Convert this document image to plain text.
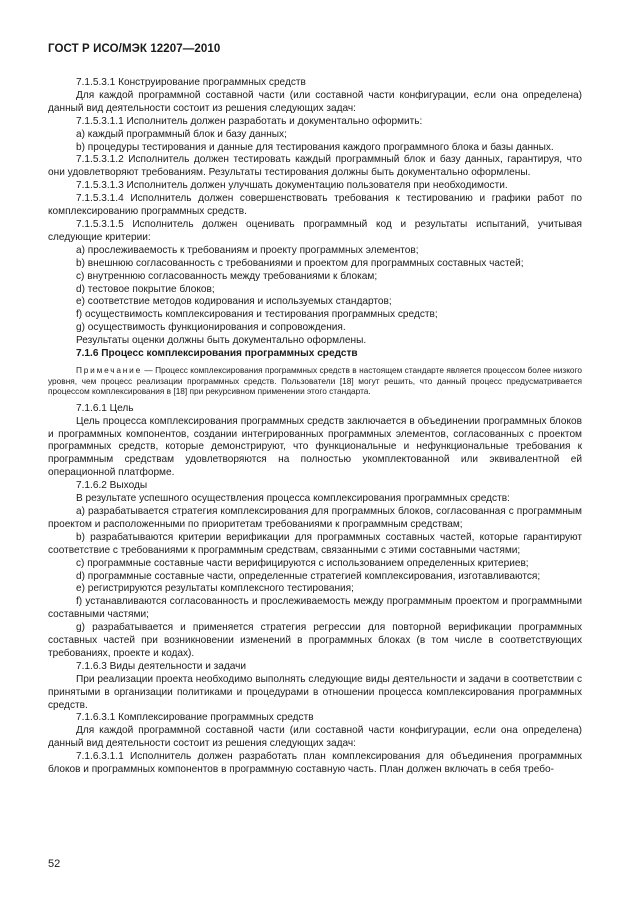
ГОСТ Р ИСО/МЭК 12207—2010

7.1.5.3.1 Конструирование программных средств

Для каждой программной составной части (или составной части конфигурации, если она определена) данный вид деятельности состоит из решения следующих задач:

7.1.5.3.1.1 Исполнитель должен разработать и документально оформить:

a) каждый программный блок и базу данных;

b) процедуры тестирования и данные для тестирования каждого программного блока и базы данных.

7.1.5.3.1.2 Исполнитель должен тестировать каждый программный блок и базу данных, гарантируя, что они удовлетворяют требованиям. Результаты тестирования должны быть документально оформлены.

7.1.5.3.1.3 Исполнитель должен улучшать документацию пользователя при необходимости.

7.1.5.3.1.4 Исполнитель должен совершенствовать требования к тестированию и графики работ по комплексированию программных средств.

7.1.5.3.1.5 Исполнитель должен оценивать программный код и результаты испытаний, учитывая следующие критерии:

a) прослеживаемость к требованиям и проекту программных элементов;

b) внешнюю согласованность с требованиями и проектом для программных составных частей;

c) внутреннюю согласованность между требованиями к блокам;

d) тестовое покрытие блоков;

e) соответствие методов кодирования и используемых стандартов;

f) осуществимость комплексирования и тестирования программных средств;

g) осуществимость функционирования и сопровождения.

Результаты оценки должны быть документально оформлены.

7.1.6 Процесс комплексирования программных средств

Примечание — Процесс комплексирования программных средств в настоящем стандарте является процессом более низкого уровня, чем процесс реализации программных средств. Пользователи [18] могут решить, что данный процесс предусматривается процессом комплексирования в [18] при рекурсивном применении этого стандарта.

7.1.6.1 Цель

Цель процесса комплексирования программных средств заключается в объединении программных блоков и программных компонентов, создании интегрированных программных элементов, согласованных с проектом программных средств, которые демонстрируют, что функциональные и нефункциональные требования к программным средствам удовлетворяются на полностью укомплектованной или эквивалентной ей операционной платформе.

7.1.6.2 Выходы

В результате успешного осуществления процесса комплексирования программных средств:

a) разрабатывается стратегия комплексирования для программных блоков, согласованная с программным проектом и расположенными по приоритетам требованиями к программным средствам;

b) разрабатываются критерии верификации для программных составных частей, которые гарантируют соответствие с требованиями к программным средствам, связанными с этими составными частями;

c) программные составные части верифицируются с использованием определенных критериев;

d) программные составные части, определенные стратегией комплексирования, изготавливаются;

e) регистрируются результаты комплексного тестирования;

f) устанавливаются согласованность и прослеживаемость между программным проектом и программными составными частями;

g) разрабатывается и применяется стратегия регрессии для повторной верификации программных составных частей при возникновении изменений в программных блоках (в том числе в соответствующих требованиях, проекте и кодах).

7.1.6.3 Виды деятельности и задачи

При реализации проекта необходимо выполнять следующие виды деятельности и задачи в соответствии с принятыми в организации политиками и процедурами в отношении процесса комплексирования программных средств.

7.1.6.3.1 Комплексирование программных средств

Для каждой программной составной части (или составной части конфигурации, если она определена) данный вид деятельности состоит из решения следующих задач:

7.1.6.3.1.1 Исполнитель должен разработать план комплексирования для объединения программных блоков и программных компонентов в программную составную часть. План должен включать в себя требо-

52
